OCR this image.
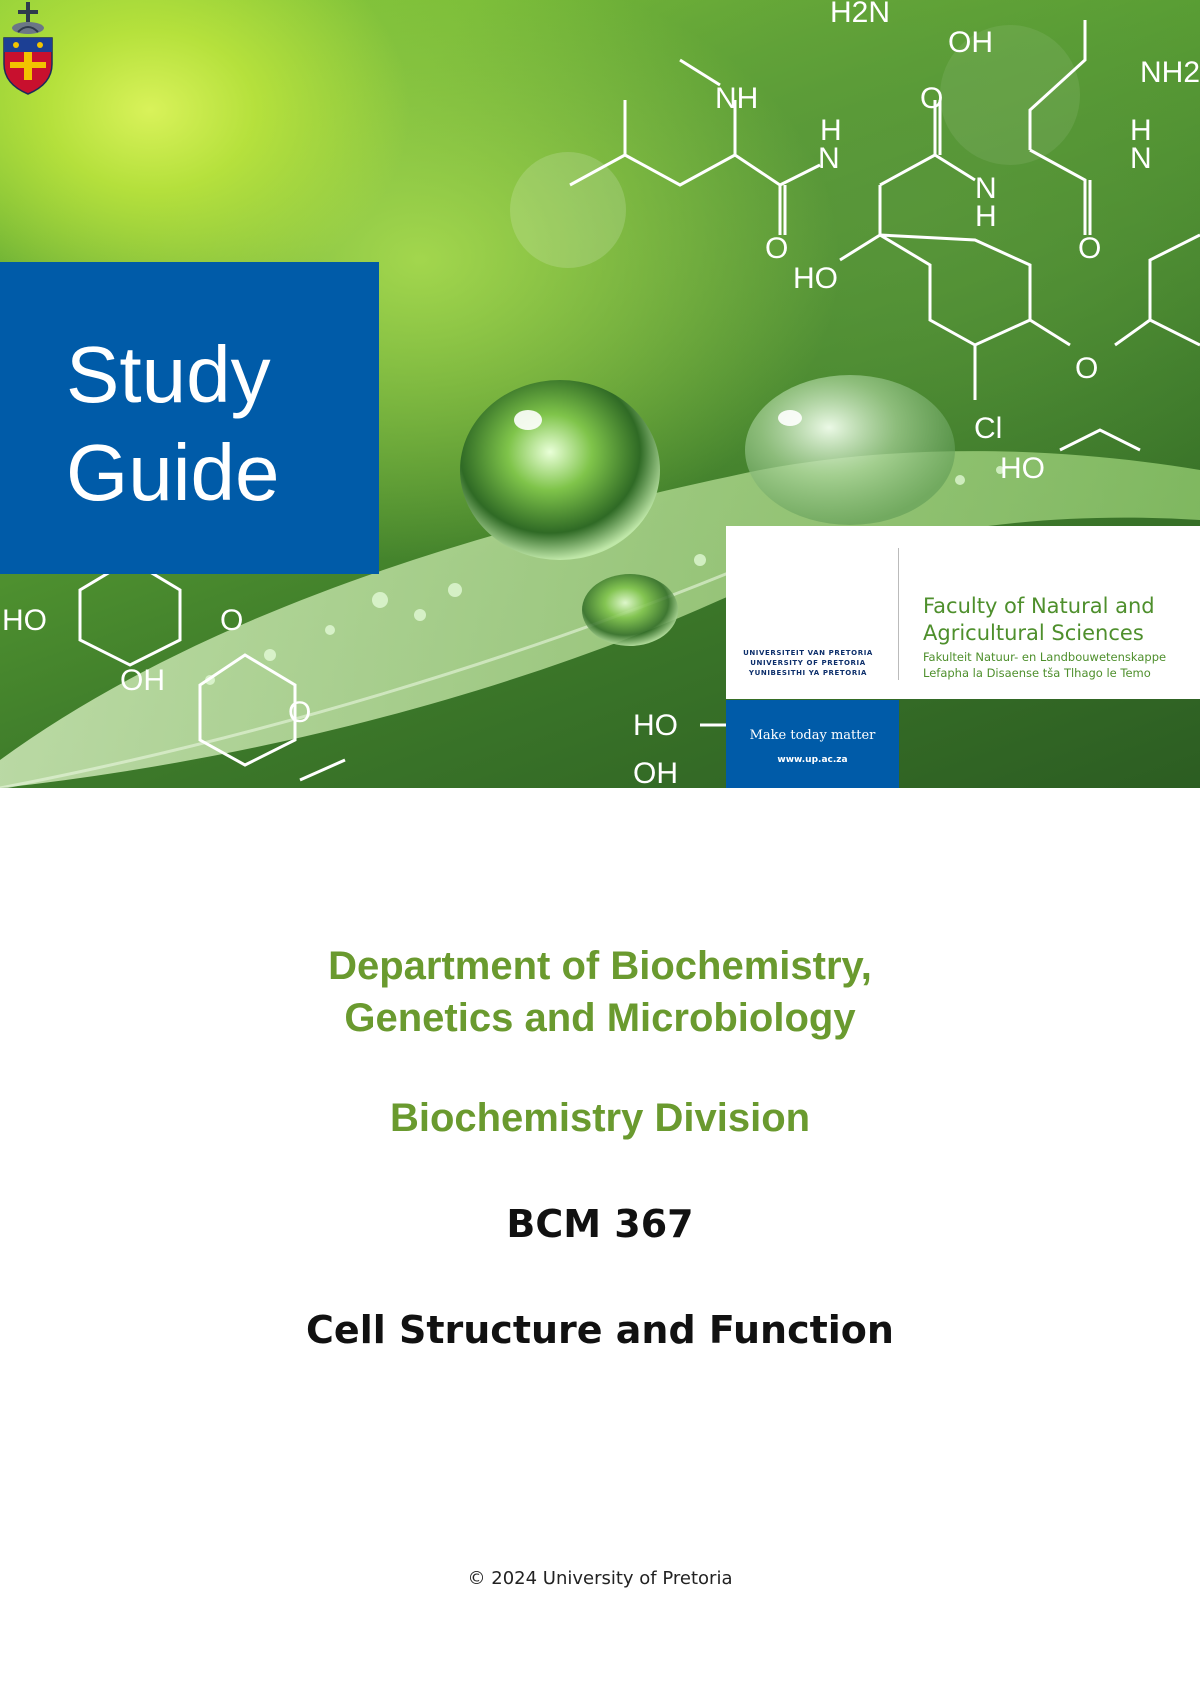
H2N
OH
NH2
NH	O
H
N
N
H
H
N
O	O
HO
O
Cl
HO
HO
OH
O
HO
OH
O
Study
Guide
UNIVERSITEIT VAN PRETORIA
UNIVERSITY OF PRETORIA
YUNIBESITHI YA PRETORIA
Faculty of Natural and
Agricultural Sciences
Fakulteit Natuur- en Landbouwetenskappe
Lefapha la Disaense tša Tlhago le Temo
Make today matter
www.up.ac.za
Department of Biochemistry,
Genetics and Microbiology
Biochemistry Division
BCM 367
Cell Structure and Function
© 2024 University of Pretoria
